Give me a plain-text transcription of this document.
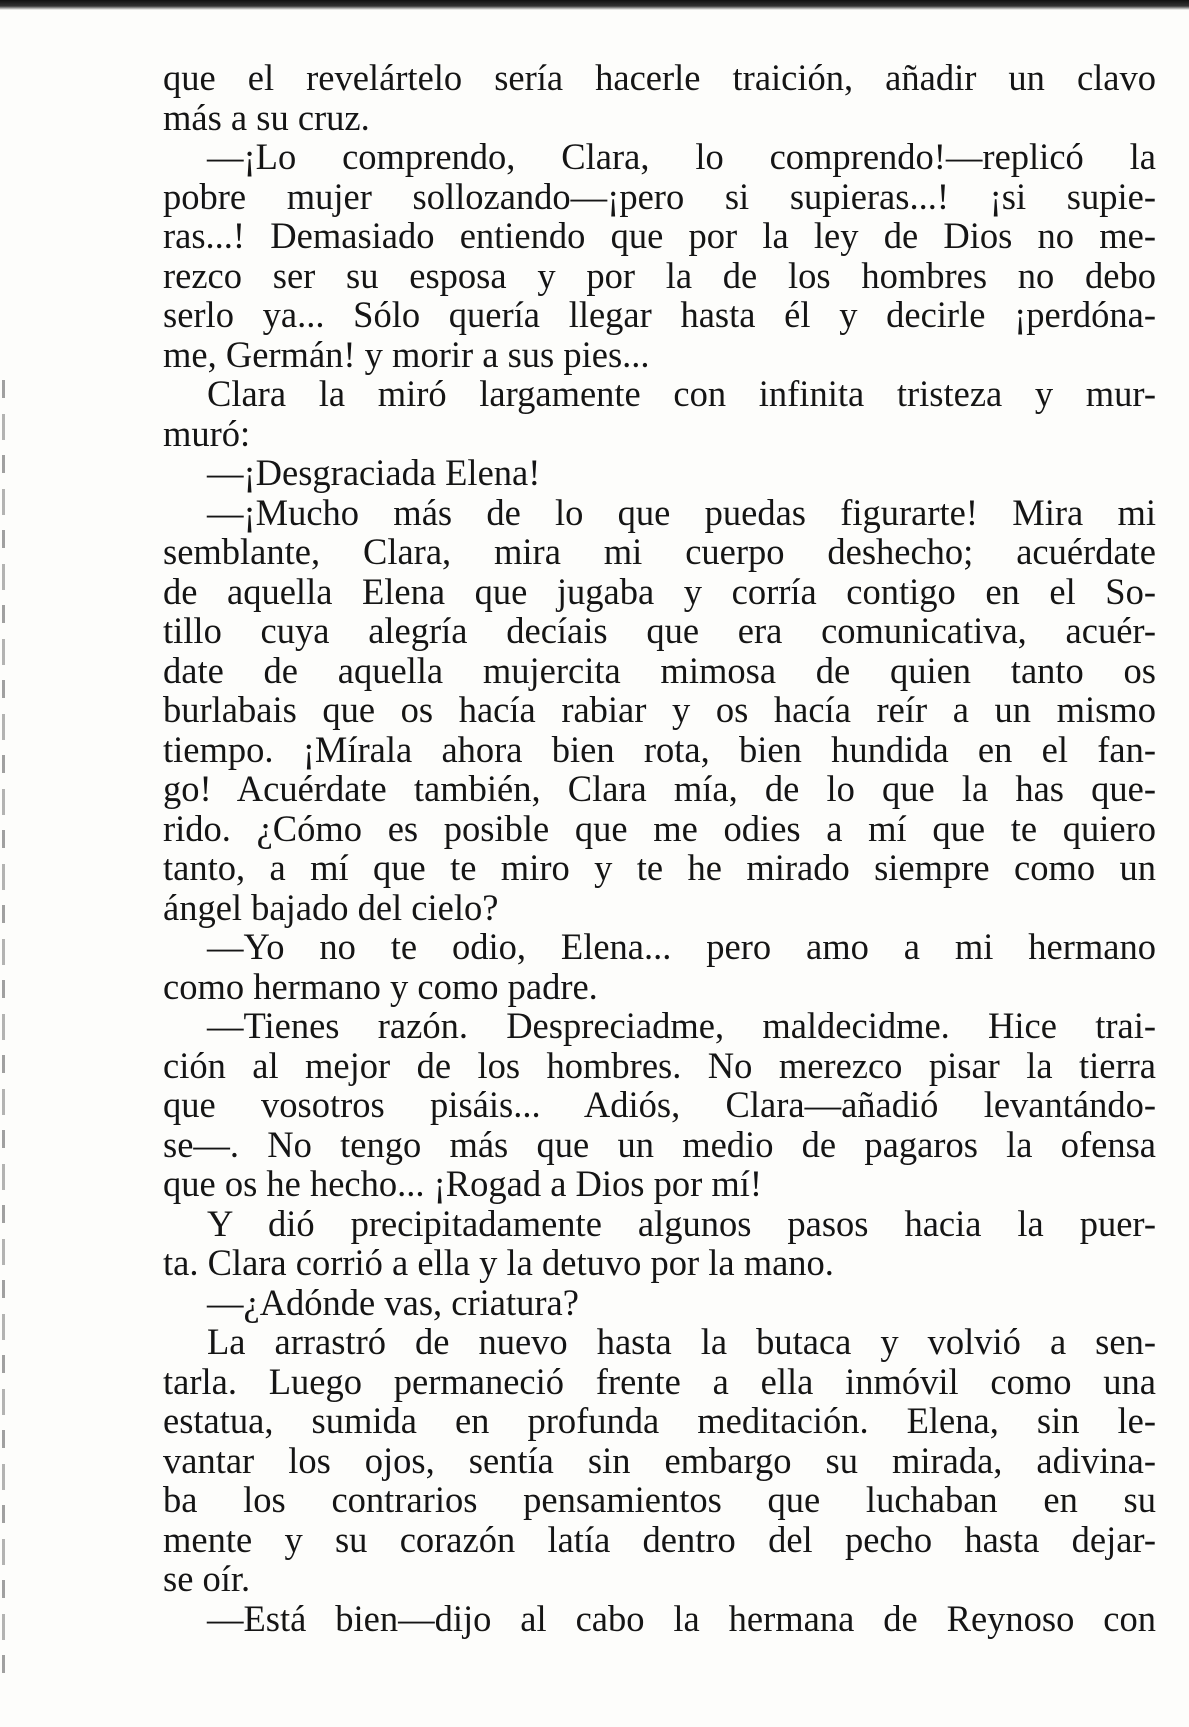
que el revelártelo sería hacerle traición, añadir un clavo
más a su cruz.
—¡Lo comprendo, Clara, lo comprendo!—replicó la
pobre mujer sollozando—¡pero si supieras...! ¡si supie-
ras...! Demasiado entiendo que por la ley de Dios no me-
rezco ser su esposa y por la de los hombres no debo
serlo ya... Sólo quería llegar hasta él y decirle ¡perdóna-
me, Germán! y morir a sus pies...
Clara la miró largamente con infinita tristeza y mur-
muró:
—¡Desgraciada Elena!
—¡Mucho más de lo que puedas figurarte! Mira mi
semblante, Clara, mira mi cuerpo deshecho; acuérdate
de aquella Elena que jugaba y corría contigo en el So-
tillo cuya alegría decíais que era comunicativa, acuér-
date de aquella mujercita mimosa de quien tanto os
burlabais que os hacía rabiar y os hacía reír a un mismo
tiempo. ¡Mírala ahora bien rota, bien hundida en el fan-
go! Acuérdate también, Clara mía, de lo que la has que-
rido. ¿Cómo es posible que me odies a mí que te quiero
tanto, a mí que te miro y te he mirado siempre como un
ángel bajado del cielo?
—Yo no te odio, Elena... pero amo a mi hermano
como hermano y como padre.
—Tienes razón. Despreciadme, maldecidme. Hice trai-
ción al mejor de los hombres. No merezco pisar la tierra
que vosotros pisáis... Adiós, Clara—añadió levantándo-
se—. No tengo más que un medio de pagaros la ofensa
que os he hecho... ¡Rogad a Dios por mí!
Y dió precipitadamente algunos pasos hacia la puer-
ta. Clara corrió a ella y la detuvo por la mano.
—¿Adónde vas, criatura?
La arrastró de nuevo hasta la butaca y volvió a sen-
tarla. Luego permaneció frente a ella inmóvil como una
estatua, sumida en profunda meditación. Elena, sin le-
vantar los ojos, sentía sin embargo su mirada, adivina-
ba los contrarios pensamientos que luchaban en su
mente y su corazón latía dentro del pecho hasta dejar-
se oír.
—Está bien—dijo al cabo la hermana de Reynoso con
